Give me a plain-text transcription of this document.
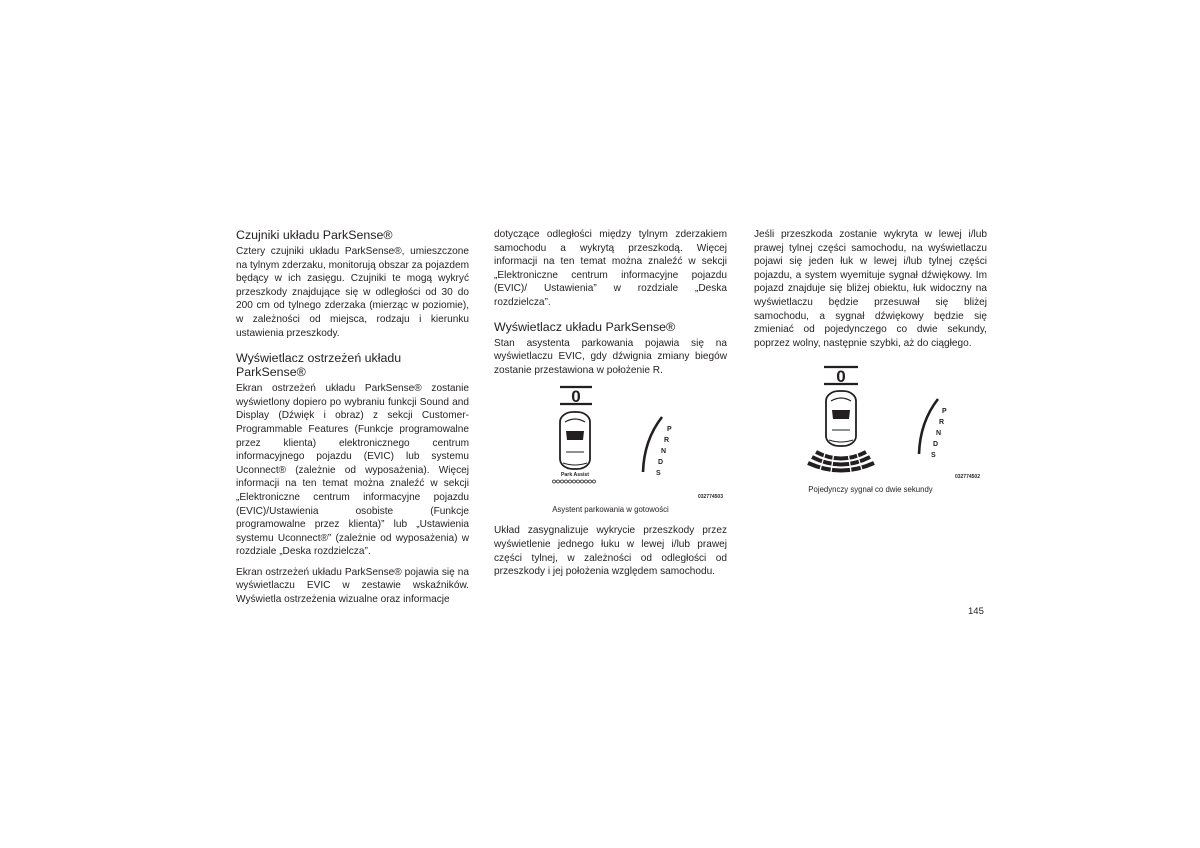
Czujniki układu ParkSense®

Cztery czujniki układu ParkSense®, umieszczone na tylnym zderzaku, monitorują obszar za pojazdem będący w ich zasięgu. Czujniki te mogą wykryć przeszkody znajdujące się w odległości od 30 do 200 cm od tylnego zderzaka (mierząc w poziomie), w zależności od miejsca, rodzaju i kierunku ustawienia przeszkody.

Wyświetlacz ostrzeżeń układu ParkSense®

Ekran ostrzeżeń układu ParkSense® zostanie wyświetlony dopiero po wybraniu funkcji Sound and Display (Dźwięk i obraz) z sekcji Customer-Programmable Features (Funkcje programowalne przez klienta) elektronicznego centrum informacyjnego pojazdu (EVIC) lub systemu Uconnect® (zależnie od wyposażenia). Więcej informacji na ten temat można znaleźć w sekcji „Elektroniczne centrum informacyjne pojazdu (EVIC)/Ustawienia osobiste (Funkcje programowalne przez klienta)” lub „Ustawienia systemu Uconnect®” (zależnie od wyposażenia) w rozdziale „Deska rozdzielcza”.

Ekran ostrzeżeń układu ParkSense® pojawia się na wyświetlaczu EVIC w zestawie wskaźników. Wyświetla ostrzeżenia wizualne oraz informacje

dotyczące odległości między tylnym zderzakiem samochodu a wykrytą przeszkodą. Więcej informacji na ten temat można znaleźć w sekcji „Elektroniczne centrum informacyjne pojazdu (EVIC)/ Ustawienia” w rozdziale „Deska rozdzielcza”.

Wyświetlacz układu ParkSense®

Stan asystenta parkowania pojawia się na wyświetlaczu EVIC, gdy dźwignia zmiany biegów zostanie przestawiona w położenie R.

0
Park Assist
P
R
N
D
S
032774503
Asystent parkowania w gotowości

Układ zasygnalizuje wykrycie przeszkody przez wyświetlenie jednego łuku w lewej i/lub prawej części tylnej, w zależności od odległości od przeszkody i jej położenia względem samochodu.

Jeśli przeszkoda zostanie wykryta w lewej i/lub prawej tylnej części samochodu, na wyświetlaczu pojawi się jeden łuk w lewej i/lub tylnej części pojazdu, a system wyemituje sygnał dźwiękowy. Im pojazd znajduje się bliżej obiektu, łuk widoczny na wyświetlaczu będzie przesuwał się bliżej samochodu, a sygnał dźwiękowy będzie się zmieniać od pojedynczego co dwie sekundy, poprzez wolny, następnie szybki, aż do ciągłego.

0
P
R
N
D
S
032774502
Pojedynczy sygnał co dwie sekundy
145
